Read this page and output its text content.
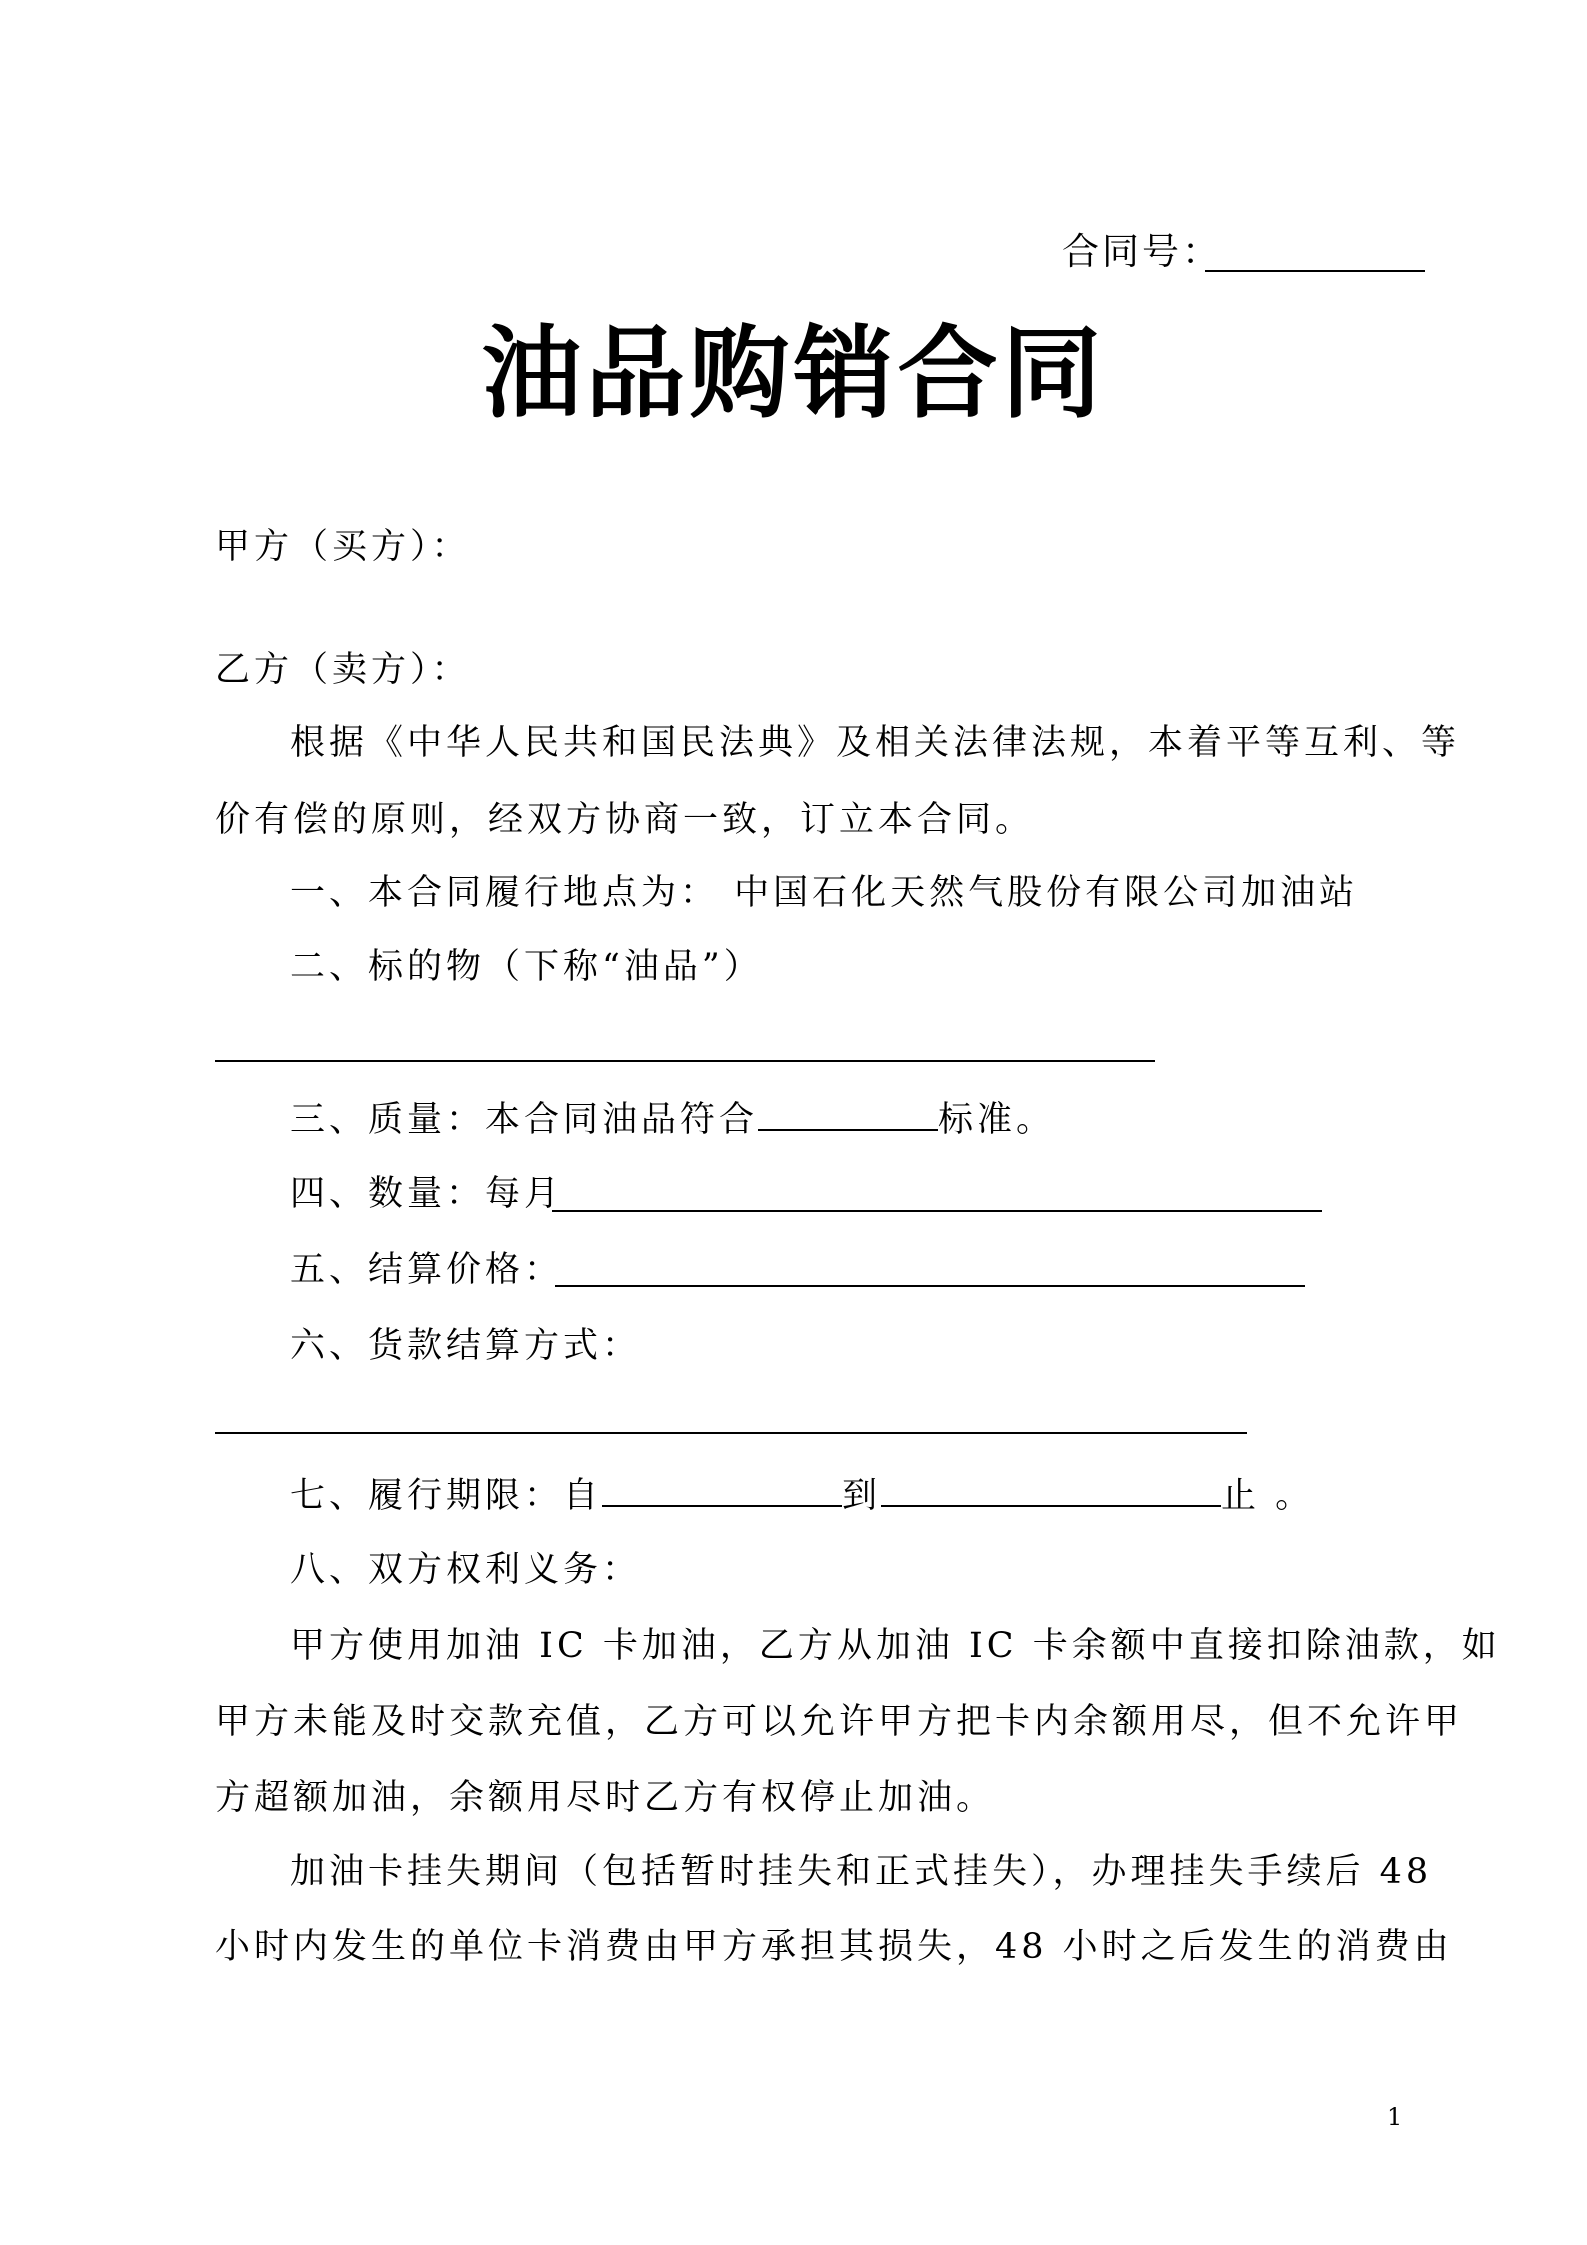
合同号：
油品购销合同
甲方（买方）：
乙方（卖方）：
根据《中华人民共和国民法典》及相关法律法规，本着平等互利、等
价有偿的原则，经双方协商一致，订立本合同。
一、本合同履行地点为： 中国石化天然气股份有限公司加油站
二、标的物（下称“油品”）
三、质量：本合同油品符合	标准。
四、数量：每月
五、结算价格：
六、货款结算方式：
七、履行期限：自	到	止 。
八、双方权利义务：
甲方使用加油 IC 卡加油，乙方从加油 IC 卡余额中直接扣除油款，如
甲方未能及时交款充值，乙方可以允许甲方把卡内余额用尽，但不允许甲
方超额加油，余额用尽时乙方有权停止加油。
加油卡挂失期间（包括暂时挂失和正式挂失），办理挂失手续后 48
小时内发生的单位卡消费由甲方承担其损失，48 小时之后发生的消费由
1
